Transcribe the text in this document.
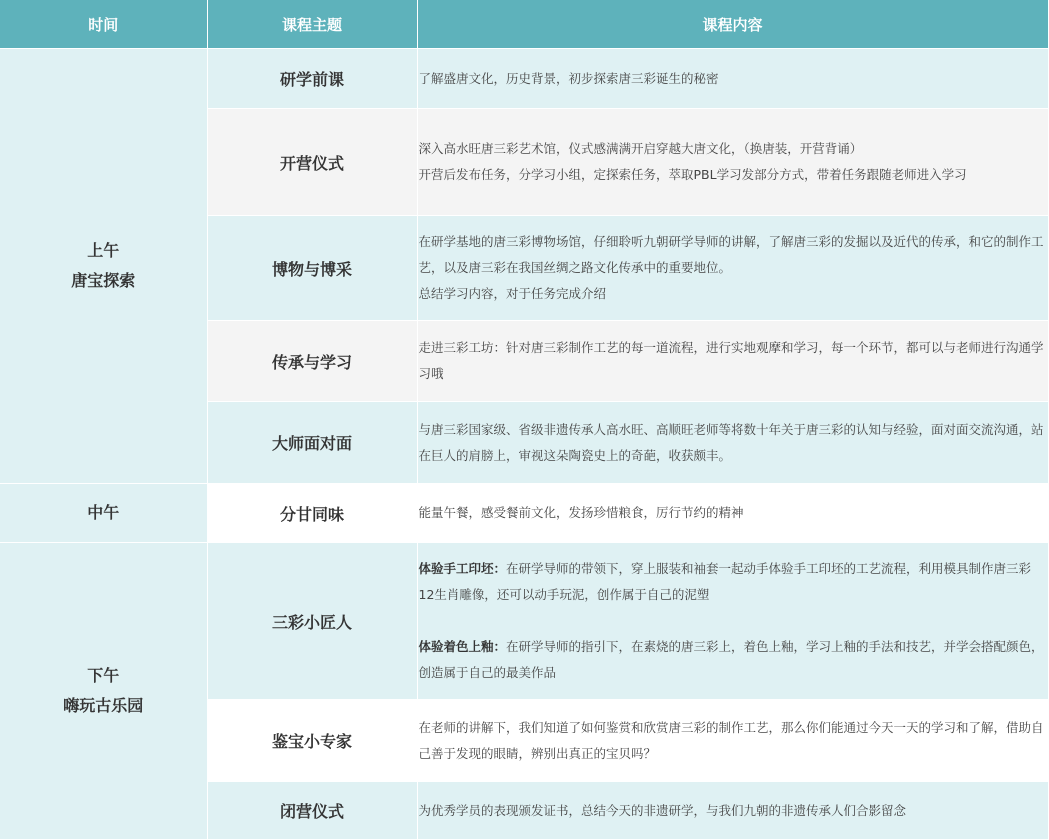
时间	课程主题	课程内容

上午
唐宝探索	研学前课	了解盛唐文化，历史背景，初步探索唐三彩诞生的秘密

	开营仪式	深入高水旺唐三彩艺术馆，仪式感满满开启穿越大唐文化，（换唐装，开营背诵）
开营后发布任务，分学习小组，定探索任务，萃取PBL学习发部分方式，带着任务跟随老师进入学习

	博物与博采	在研学基地的唐三彩博物场馆，仔细聆听九朝研学导师的讲解，了解唐三彩的发掘以及近代的传承，和它的制作工艺，以及唐三彩在我国丝绸之路文化传承中的重要地位。
总结学习内容，对于任务完成介绍

	传承与学习	走进三彩工坊：针对唐三彩制作工艺的每一道流程，进行实地观摩和学习，每一个环节，都可以与老师进行沟通学习哦

	大师面对面	与唐三彩国家级、省级非遗传承人高水旺、高顺旺老师等将数十年关于唐三彩的认知与经验，面对面交流沟通，站在巨人的肩膀上，审视这朵陶瓷史上的奇葩，收获颇丰。

中午	分甘同味	能量午餐，感受餐前文化，发扬珍惜粮食，厉行节约的精神

下午
嗨玩古乐园	三彩小匠人	体验手工印坯：在研学导师的带领下，穿上服装和袖套一起动手体验手工印坯的工艺流程，利用模具制作唐三彩12生肖雕像，还可以动手玩泥，创作属于自己的泥塑
体验着色上釉：在研学导师的指引下，在素烧的唐三彩上，着色上釉，学习上釉的手法和技艺，并学会搭配颜色，创造属于自己的最美作品

	鉴宝小专家	在老师的讲解下，我们知道了如何鉴赏和欣赏唐三彩的制作工艺，那么你们能通过今天一天的学习和了解，借助自己善于发现的眼睛，辨别出真正的宝贝吗？

	闭营仪式	为优秀学员的表现颁发证书，总结今天的非遗研学，与我们九朝的非遗传承人们合影留念
